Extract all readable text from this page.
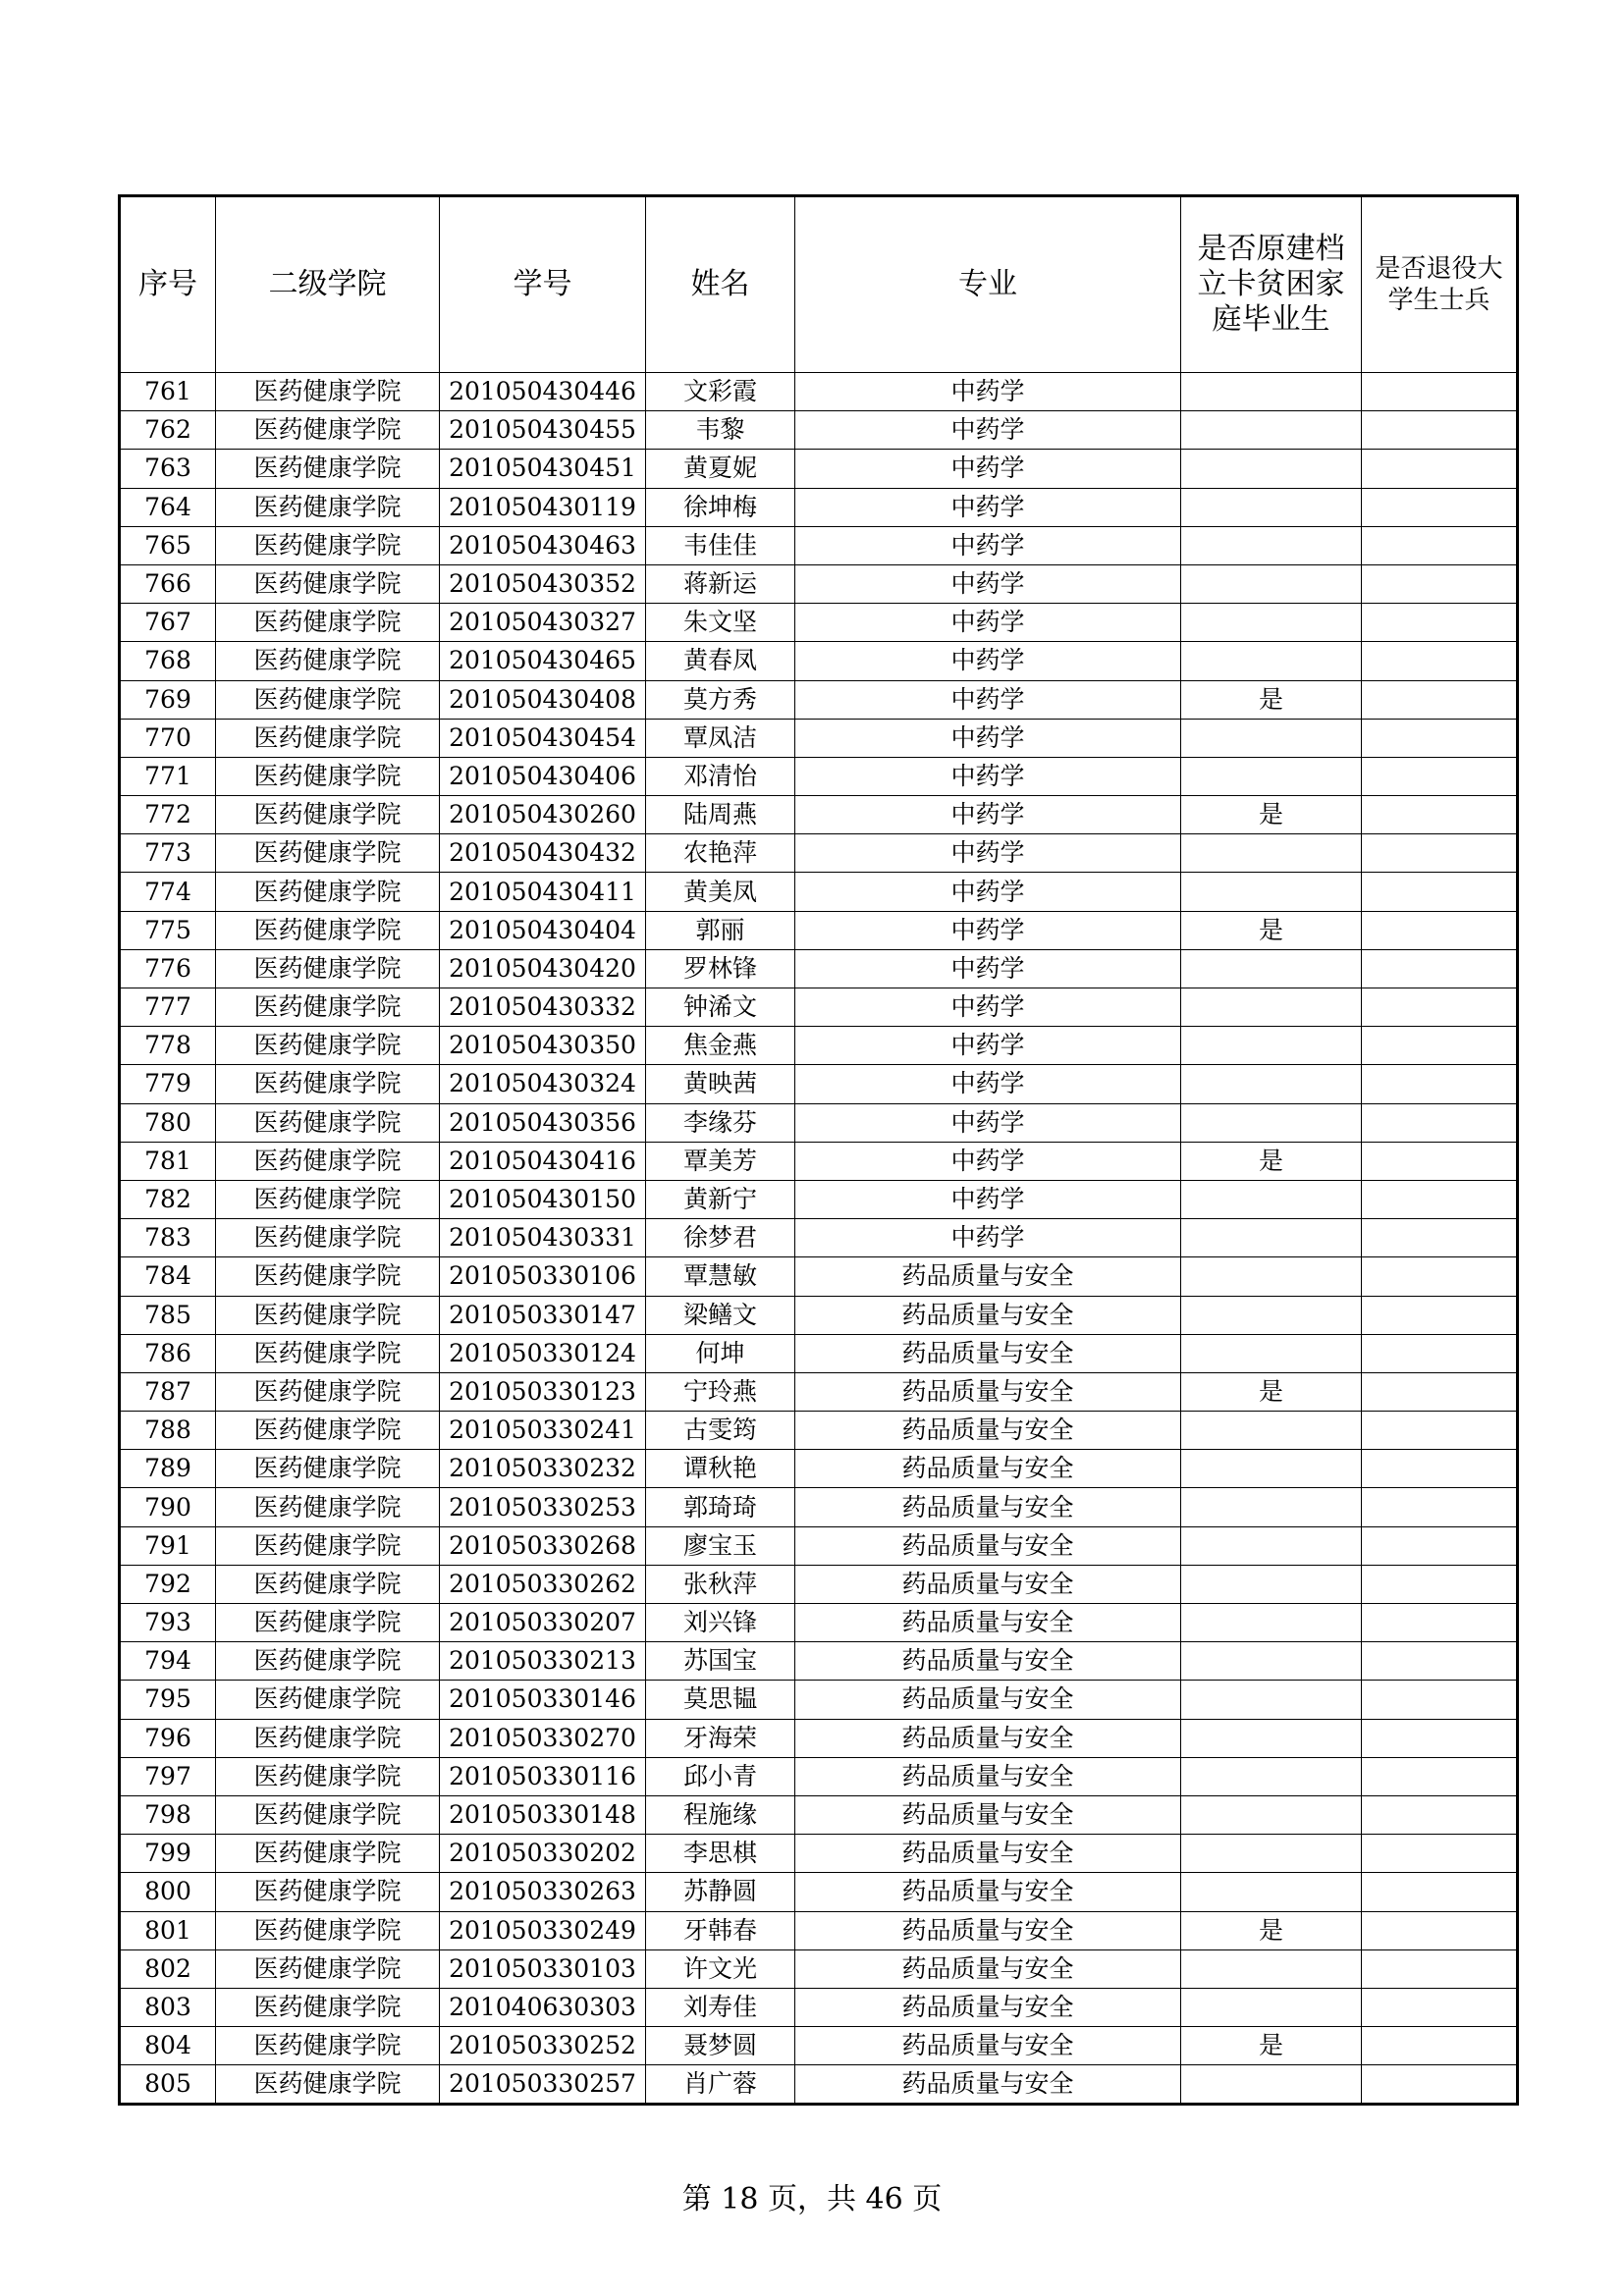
序号	二级学院	学号	姓名	专业	是否原建档立卡贫困家庭毕业生	是否退役大学生士兵
761	医药健康学院	201050430446	文彩霞	中药学		
762	医药健康学院	201050430455	韦黎	中药学		
763	医药健康学院	201050430451	黄夏妮	中药学		
764	医药健康学院	201050430119	徐坤梅	中药学		
765	医药健康学院	201050430463	韦佳佳	中药学		
766	医药健康学院	201050430352	蒋新运	中药学		
767	医药健康学院	201050430327	朱文坚	中药学		
768	医药健康学院	201050430465	黄春凤	中药学		
769	医药健康学院	201050430408	莫方秀	中药学	是	
770	医药健康学院	201050430454	覃凤洁	中药学		
771	医药健康学院	201050430406	邓清怡	中药学		
772	医药健康学院	201050430260	陆周燕	中药学	是	
773	医药健康学院	201050430432	农艳萍	中药学		
774	医药健康学院	201050430411	黄美凤	中药学		
775	医药健康学院	201050430404	郭丽	中药学	是	
776	医药健康学院	201050430420	罗林锋	中药学		
777	医药健康学院	201050430332	钟浠文	中药学		
778	医药健康学院	201050430350	焦金燕	中药学		
779	医药健康学院	201050430324	黄映茜	中药学		
780	医药健康学院	201050430356	李缘芬	中药学		
781	医药健康学院	201050430416	覃美芳	中药学	是	
782	医药健康学院	201050430150	黄新宁	中药学		
783	医药健康学院	201050430331	徐梦君	中药学		
784	医药健康学院	201050330106	覃慧敏	药品质量与安全		
785	医药健康学院	201050330147	梁鳝文	药品质量与安全		
786	医药健康学院	201050330124	何坤	药品质量与安全		
787	医药健康学院	201050330123	宁玲燕	药品质量与安全	是	
788	医药健康学院	201050330241	古雯筠	药品质量与安全		
789	医药健康学院	201050330232	谭秋艳	药品质量与安全		
790	医药健康学院	201050330253	郭琦琦	药品质量与安全		
791	医药健康学院	201050330268	廖宝玉	药品质量与安全		
792	医药健康学院	201050330262	张秋萍	药品质量与安全		
793	医药健康学院	201050330207	刘兴锋	药品质量与安全		
794	医药健康学院	201050330213	苏国宝	药品质量与安全		
795	医药健康学院	201050330146	莫思韫	药品质量与安全		
796	医药健康学院	201050330270	牙海荣	药品质量与安全		
797	医药健康学院	201050330116	邱小青	药品质量与安全		
798	医药健康学院	201050330148	程施缘	药品质量与安全		
799	医药健康学院	201050330202	李思棋	药品质量与安全		
800	医药健康学院	201050330263	苏静圆	药品质量与安全		
801	医药健康学院	201050330249	牙韩春	药品质量与安全	是	
802	医药健康学院	201050330103	许文光	药品质量与安全		
803	医药健康学院	201040630303	刘寿佳	药品质量与安全		
804	医药健康学院	201050330252	聂梦圆	药品质量与安全	是	
805	医药健康学院	201050330257	肖广蓉	药品质量与安全		
第 18 页，共 46 页
